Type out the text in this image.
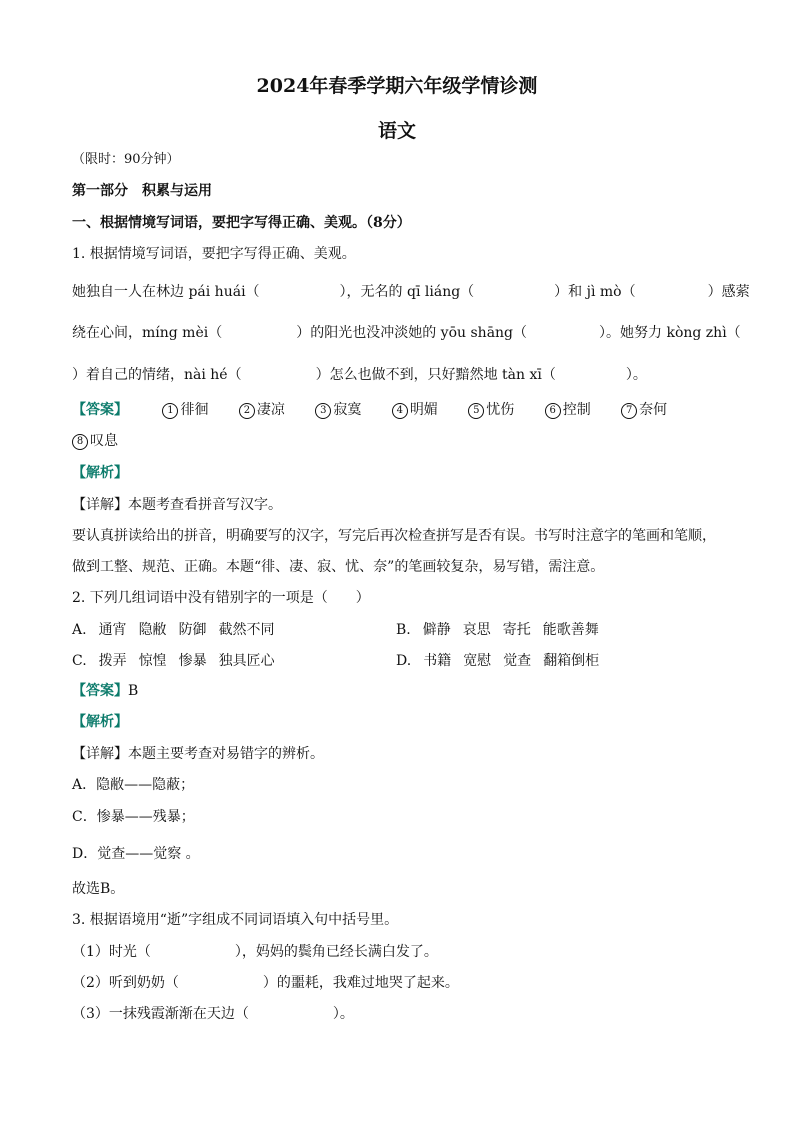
2024年春季学期六年级学情诊测
语文
（限时：90分钟）
第一部分　积累与运用
一、根据情境写词语，要把字写得正确、美观。（8分）
1. 根据情境写词语，要把字写得正确、美观。
她独自一人在林边 pái huái（	），无名的 qī liáng（	）和 jì mò（	）感萦
绕在心间，míng mèi（	）的阳光也没冲淡她的 yōu shāng（	）。她努力 kòng zhì（
）着自己的情绪，nài hé（	）怎么也做不到，只好黯然地 tàn xī（	）。
【答案】	1 徘徊	2 凄凉	3 寂寞	4 明媚	5 忧伤	6 控制	7 奈何
8 叹息
【解析】
【详解】本题考查看拼音写汉字。
要认真拼读给出的拼音，明确要写的汉字，写完后再次检查拼写是否有误。书写时注意字的笔画和笔顺，
做到工整、规范、正确。本题“徘、凄、寂、忧、奈”的笔画较复杂，易写错，需注意。
2. 下列几组词语中没有错别字的一项是（　　）
A. 通宵 隐敝 防御 截然不同	B. 僻静 哀思 寄托 能歌善舞
C. 拨弄 惊惶 惨暴 独具匠心	D. 书籍 宽慰 觉查 翻箱倒柜
【答案】B
【解析】
【详解】本题主要考查对易错字的辨析。
A．隐敝——隐蔽；
C．惨暴——残暴；
D．觉查——觉察 。
故选B。
3. 根据语境用“逝”字组成不同词语填入句中括号里。
（1）时光（	），妈妈的鬓角已经长满白发了。
（2）听到奶奶（	）的噩耗，我难过地哭了起来。
（3）一抹残霞渐渐在天边（	）。
